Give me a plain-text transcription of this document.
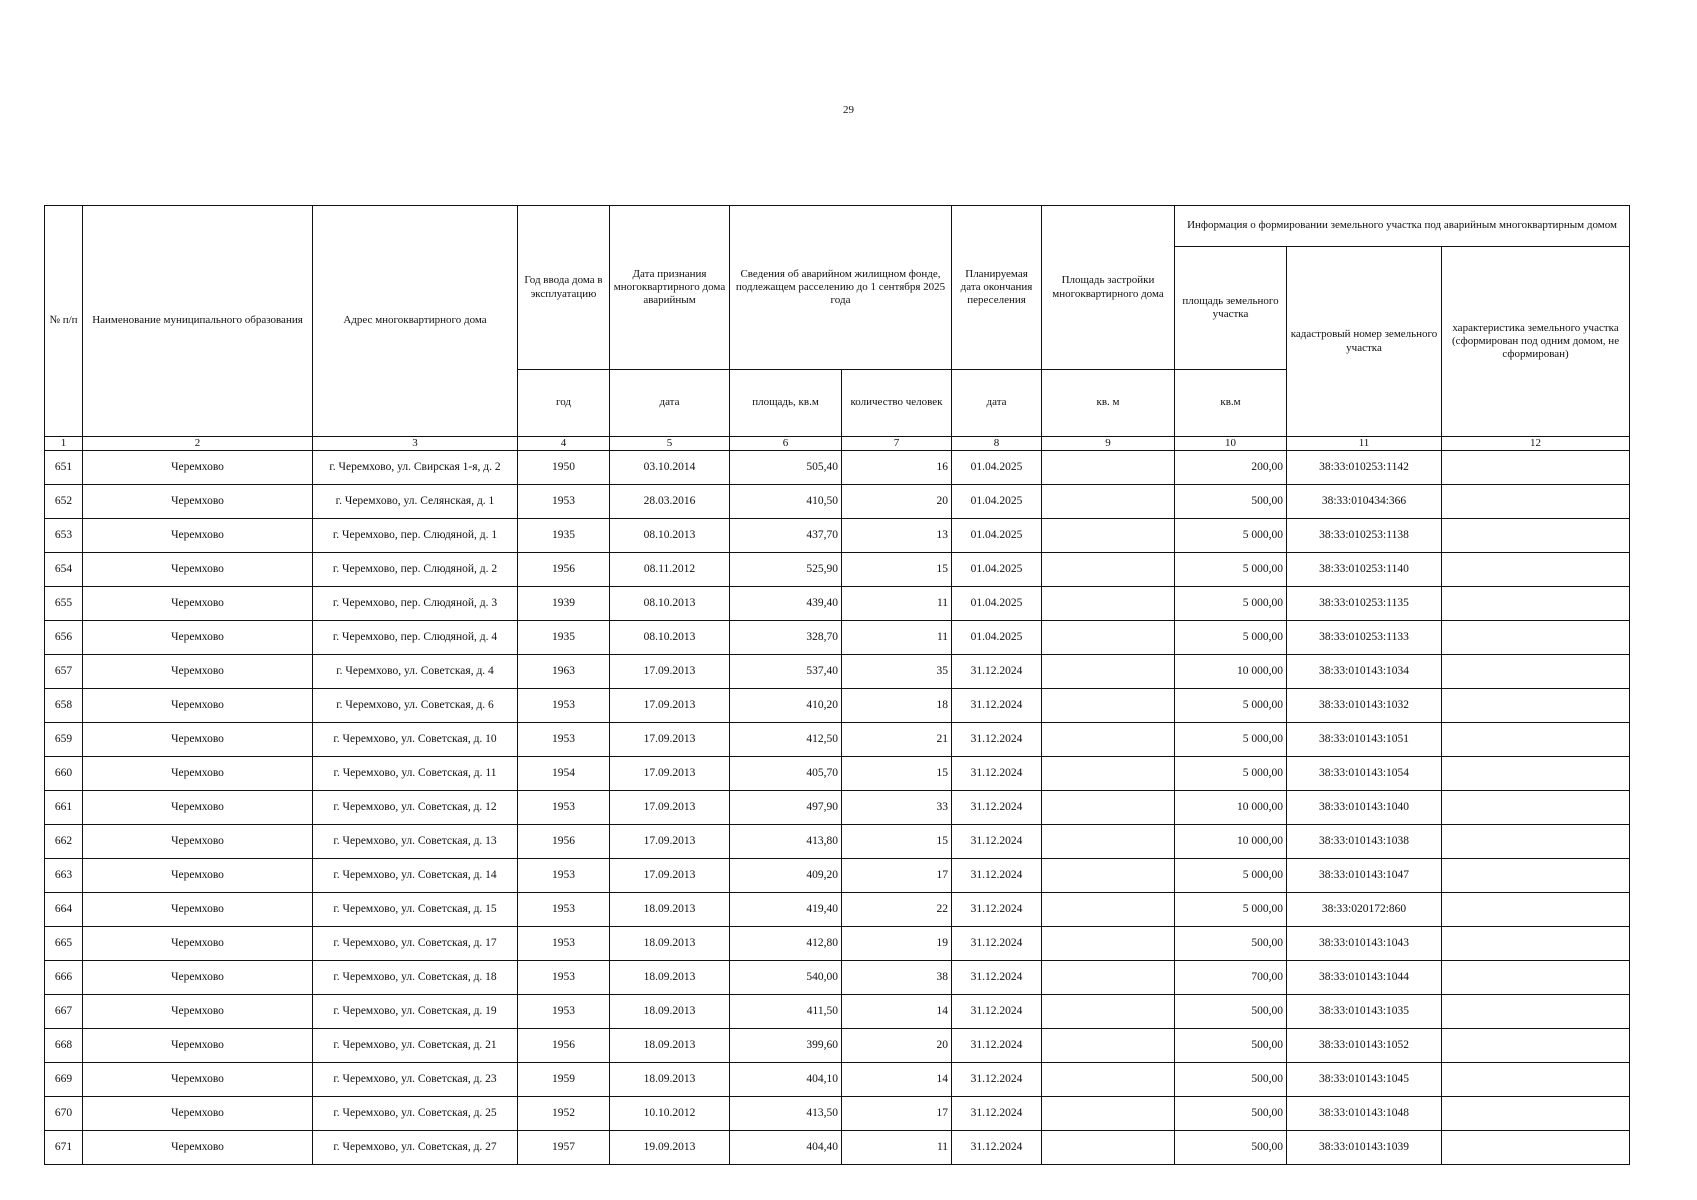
29
№ п/п	Наименование муниципального образования	Адрес многоквартирного дома	Год ввода дома в эксплуатацию	Дата признания многоквартирного дома аварийным	Сведения об аварийном жилищном фонде, подлежащем расселению до 1 сентября 2025 года		Планируемая дата окончания переселения	Площадь застройки многоквартирного дома	Информация о формировании земельного участка под аварийным многоквартирным домом		
									площадь земельного участка	кадастровый номер земельного участка	характеристика земельного участка (сформирован под одним домом, не сформирован)
			год	дата	площадь, кв.м	количество человек	дата	кв. м	кв.м		
1	2	3	4	5	6	7	8	9	10	11	12
651	Черемхово	г. Черемхово, ул. Свирская 1-я, д. 2	1950	03.10.2014	505,40	16	01.04.2025		200,00	38:33:010253:1142	
652	Черемхово	г. Черемхово, ул. Селянская, д. 1	1953	28.03.2016	410,50	20	01.04.2025		500,00	38:33:010434:366	
653	Черемхово	г. Черемхово, пер. Слюдяной, д. 1	1935	08.10.2013	437,70	13	01.04.2025		5 000,00	38:33:010253:1138	
654	Черемхово	г. Черемхово, пер. Слюдяной, д. 2	1956	08.11.2012	525,90	15	01.04.2025		5 000,00	38:33:010253:1140	
655	Черемхово	г. Черемхово, пер. Слюдяной, д. 3	1939	08.10.2013	439,40	11	01.04.2025		5 000,00	38:33:010253:1135	
656	Черемхово	г. Черемхово, пер. Слюдяной, д. 4	1935	08.10.2013	328,70	11	01.04.2025		5 000,00	38:33:010253:1133	
657	Черемхово	г. Черемхово, ул. Советская, д. 4	1963	17.09.2013	537,40	35	31.12.2024		10 000,00	38:33:010143:1034	
658	Черемхово	г. Черемхово, ул. Советская, д. 6	1953	17.09.2013	410,20	18	31.12.2024		5 000,00	38:33:010143:1032	
659	Черемхово	г. Черемхово, ул. Советская, д. 10	1953	17.09.2013	412,50	21	31.12.2024		5 000,00	38:33:010143:1051	
660	Черемхово	г. Черемхово, ул. Советская, д. 11	1954	17.09.2013	405,70	15	31.12.2024		5 000,00	38:33:010143:1054	
661	Черемхово	г. Черемхово, ул. Советская, д. 12	1953	17.09.2013	497,90	33	31.12.2024		10 000,00	38:33:010143:1040	
662	Черемхово	г. Черемхово, ул. Советская, д. 13	1956	17.09.2013	413,80	15	31.12.2024		10 000,00	38:33:010143:1038	
663	Черемхово	г. Черемхово, ул. Советская, д. 14	1953	17.09.2013	409,20	17	31.12.2024		5 000,00	38:33:010143:1047	
664	Черемхово	г. Черемхово, ул. Советская, д. 15	1953	18.09.2013	419,40	22	31.12.2024		5 000,00	38:33:020172:860	
665	Черемхово	г. Черемхово, ул. Советская, д. 17	1953	18.09.2013	412,80	19	31.12.2024		500,00	38:33:010143:1043	
666	Черемхово	г. Черемхово, ул. Советская, д. 18	1953	18.09.2013	540,00	38	31.12.2024		700,00	38:33:010143:1044	
667	Черемхово	г. Черемхово, ул. Советская, д. 19	1953	18.09.2013	411,50	14	31.12.2024		500,00	38:33:010143:1035	
668	Черемхово	г. Черемхово, ул. Советская, д. 21	1956	18.09.2013	399,60	20	31.12.2024		500,00	38:33:010143:1052	
669	Черемхово	г. Черемхово, ул. Советская, д. 23	1959	18.09.2013	404,10	14	31.12.2024		500,00	38:33:010143:1045	
670	Черемхово	г. Черемхово, ул. Советская, д. 25	1952	10.10.2012	413,50	17	31.12.2024		500,00	38:33:010143:1048	
671	Черемхово	г. Черемхово, ул. Советская, д. 27	1957	19.09.2013	404,40	11	31.12.2024		500,00	38:33:010143:1039	
